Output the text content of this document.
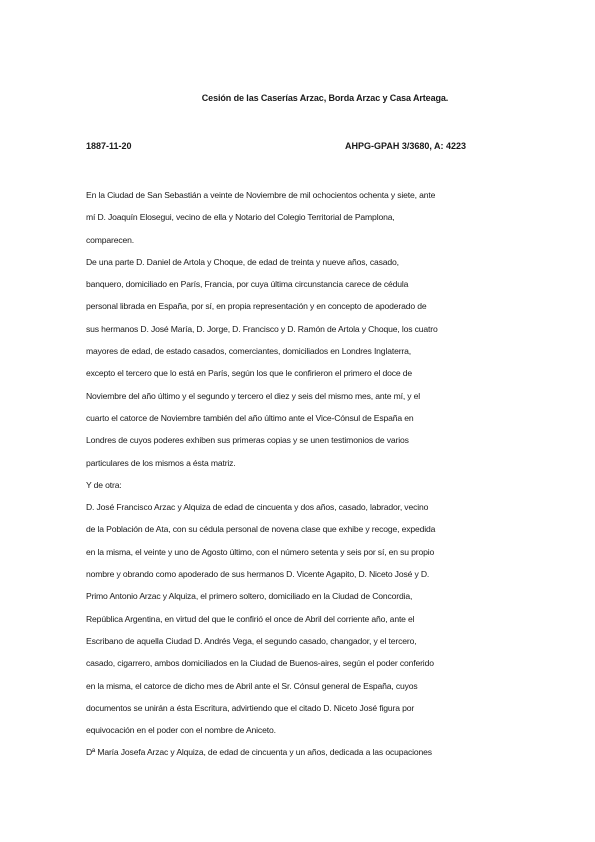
Cesión de las Caserías Arzac, Borda Arzac y Casa Arteaga.
1887-11-20	AHPG-GPAH 3/3680, A: 4223

En la Ciudad de San Sebastián a veinte de Noviembre de mil ochocientos ochenta y siete, ante

mí D. Joaquín Elosegui, vecino de ella y Notario del Colegio Territorial de Pamplona,

comparecen.

De una parte D. Daniel de Artola y Choque, de edad de treinta y nueve años, casado,

banquero, domiciliado en París, Francia, por cuya última circunstancia carece de cédula

personal librada en España, por sí, en propia representación y en concepto de apoderado de

sus hermanos D. José María, D. Jorge, D. Francisco y D. Ramón de Artola y Choque, los cuatro

mayores de edad, de estado casados, comerciantes, domiciliados en Londres Inglaterra,

excepto el tercero que lo está en París, según los que le confirieron el primero el doce de

Noviembre del año último y el segundo y tercero el diez y seis del mismo mes, ante mí, y el

cuarto el catorce de Noviembre también del año último ante el Vice-Cónsul de España en

Londres de cuyos poderes exhiben sus primeras copias y se unen testimonios de varios

particulares de los mismos a ésta matriz.

Y de otra:

D. José Francisco Arzac y Alquiza de edad de cincuenta y dos años, casado, labrador, vecino

de la Población de Ata, con su cédula personal de novena clase que exhibe y recoge, expedida

en la misma, el veinte y uno de Agosto último, con el número setenta y seis por sí, en su propio

nombre y obrando como apoderado de sus hermanos D. Vicente Agapito, D. Niceto José y D.

Primo Antonio Arzac y Alquiza, el primero soltero, domiciliado en la Ciudad de Concordia,

República Argentina, en virtud del que le confirió el once de Abril del corriente año, ante el

Escribano de aquella Ciudad D. Andrés Vega, el segundo casado, changador, y el tercero,

casado, cigarrero, ambos domiciliados en la Ciudad de Buenos-aires, según el poder conferido

en la misma, el catorce de dicho mes de Abril ante el Sr. Cónsul general de España, cuyos

documentos se unirán a ésta Escritura, advirtiendo que el citado D. Niceto José figura por

equivocación en el poder con el nombre de Aniceto.

Dª María Josefa Arzac y Alquiza, de edad de cincuenta y un años, dedicada a las ocupaciones
